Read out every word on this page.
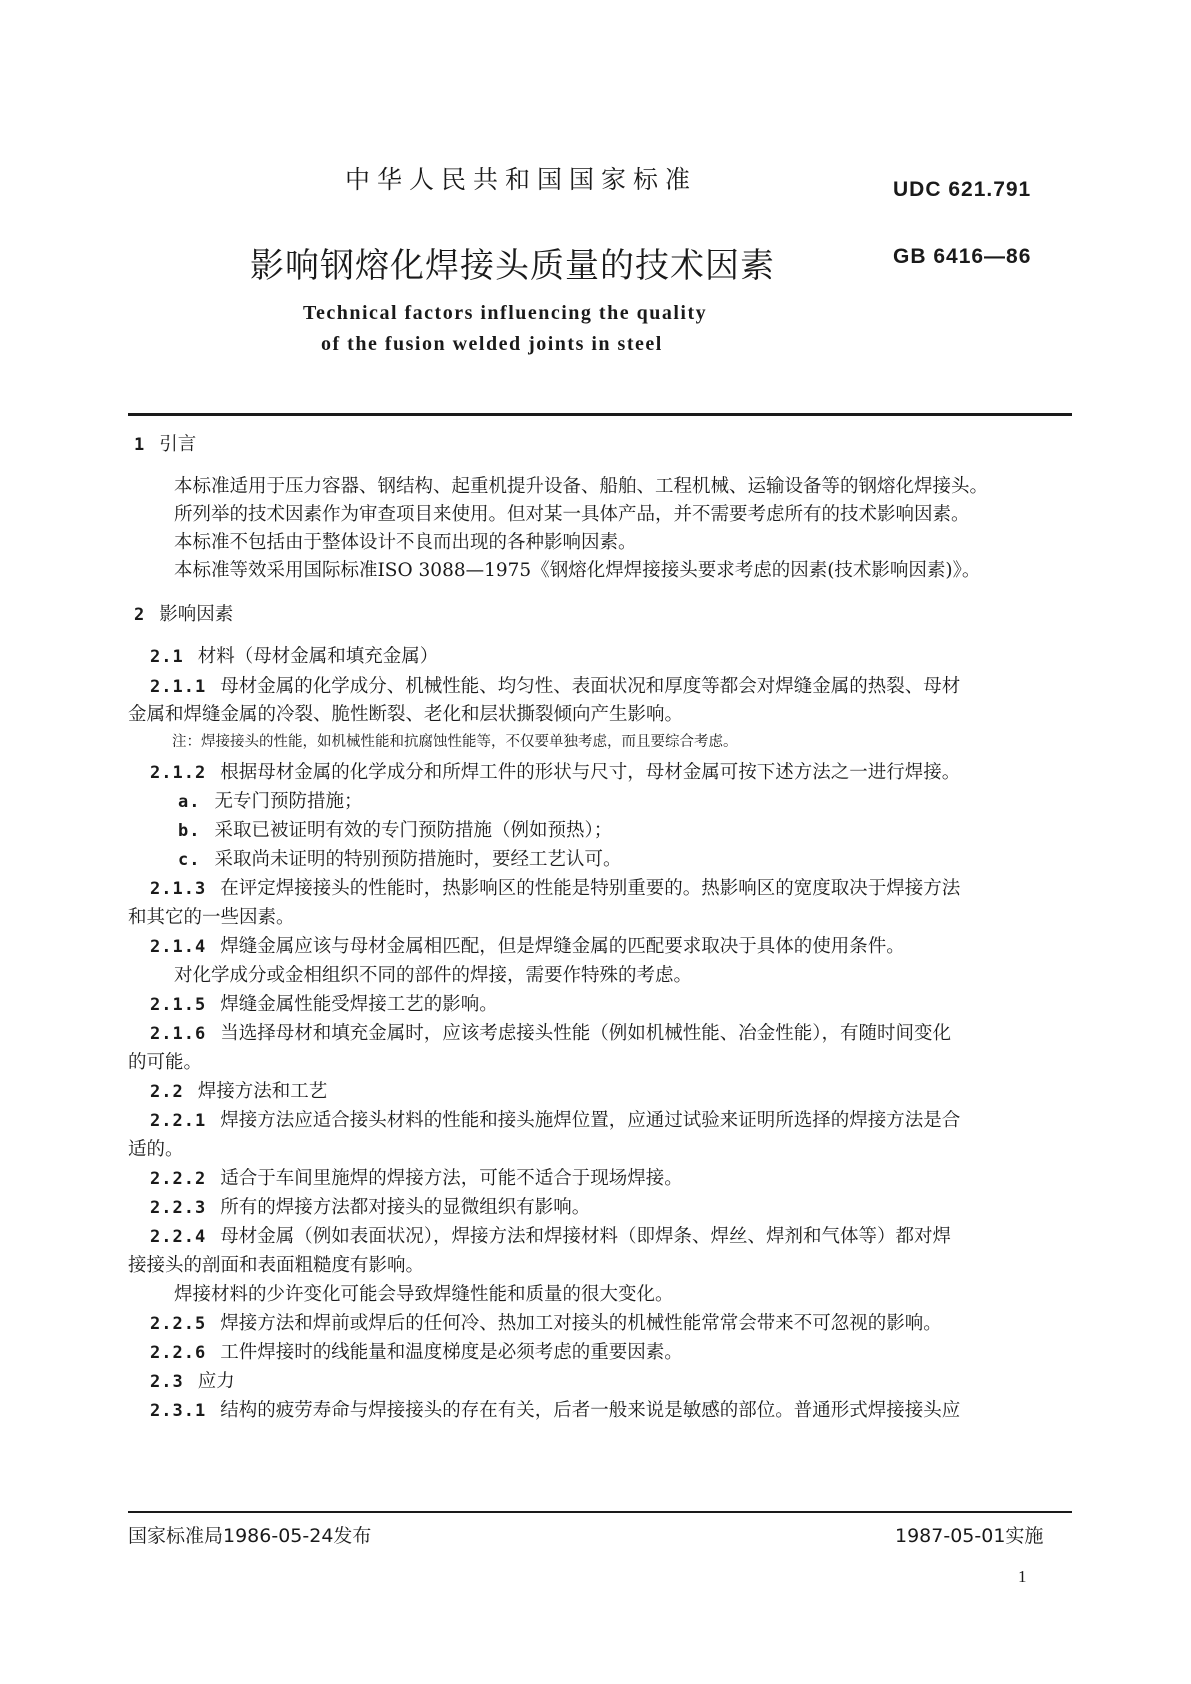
中华人民共和国国家标准	UDC 621.791
影响钢熔化焊接头质量的技术因素	GB 6416—86
Technical factors influencing the quality
of the fusion welded joints in steel
1 引言
本标准适用于压力容器、钢结构、起重机提升设备、船舶、工程机械、运输设备等的钢熔化焊接头。
所列举的技术因素作为审查项目来使用。但对某一具体产品，并不需要考虑所有的技术影响因素。
本标准不包括由于整体设计不良而出现的各种影响因素。
本标准等效采用国际标准ISO 3088—1975《钢熔化焊焊接接头要求考虑的因素(技术影响因素)》。
2 影响因素
2.1 材料（母材金属和填充金属）
2.1.1 母材金属的化学成分、机械性能、均匀性、表面状况和厚度等都会对焊缝金属的热裂、母材
金属和焊缝金属的冷裂、脆性断裂、老化和层状撕裂倾向产生影响。
注：焊接接头的性能，如机械性能和抗腐蚀性能等，不仅要单独考虑，而且要综合考虑。
2.1.2 根据母材金属的化学成分和所焊工件的形状与尺寸，母材金属可按下述方法之一进行焊接。
a. 无专门预防措施；
b. 采取已被证明有效的专门预防措施（例如预热）；
c. 采取尚未证明的特别预防措施时，要经工艺认可。
2.1.3 在评定焊接接头的性能时，热影响区的性能是特别重要的。热影响区的宽度取决于焊接方法
和其它的一些因素。
2.1.4 焊缝金属应该与母材金属相匹配，但是焊缝金属的匹配要求取决于具体的使用条件。
对化学成分或金相组织不同的部件的焊接，需要作特殊的考虑。
2.1.5 焊缝金属性能受焊接工艺的影响。
2.1.6 当选择母材和填充金属时，应该考虑接头性能（例如机械性能、冶金性能），有随时间变化
的可能。
2.2 焊接方法和工艺
2.2.1 焊接方法应适合接头材料的性能和接头施焊位置，应通过试验来证明所选择的焊接方法是合
适的。
2.2.2 适合于车间里施焊的焊接方法，可能不适合于现场焊接。
2.2.3 所有的焊接方法都对接头的显微组织有影响。
2.2.4 母材金属（例如表面状况），焊接方法和焊接材料（即焊条、焊丝、焊剂和气体等）都对焊
接接头的剖面和表面粗糙度有影响。
焊接材料的少许变化可能会导致焊缝性能和质量的很大变化。
2.2.5 焊接方法和焊前或焊后的任何冷、热加工对接头的机械性能常常会带来不可忽视的影响。
2.2.6 工件焊接时的线能量和温度梯度是必须考虑的重要因素。
2.3 应力
2.3.1 结构的疲劳寿命与焊接接头的存在有关，后者一般来说是敏感的部位。普通形式焊接接头应
国家标准局1986-05-24发布	1987-05-01实施
1
